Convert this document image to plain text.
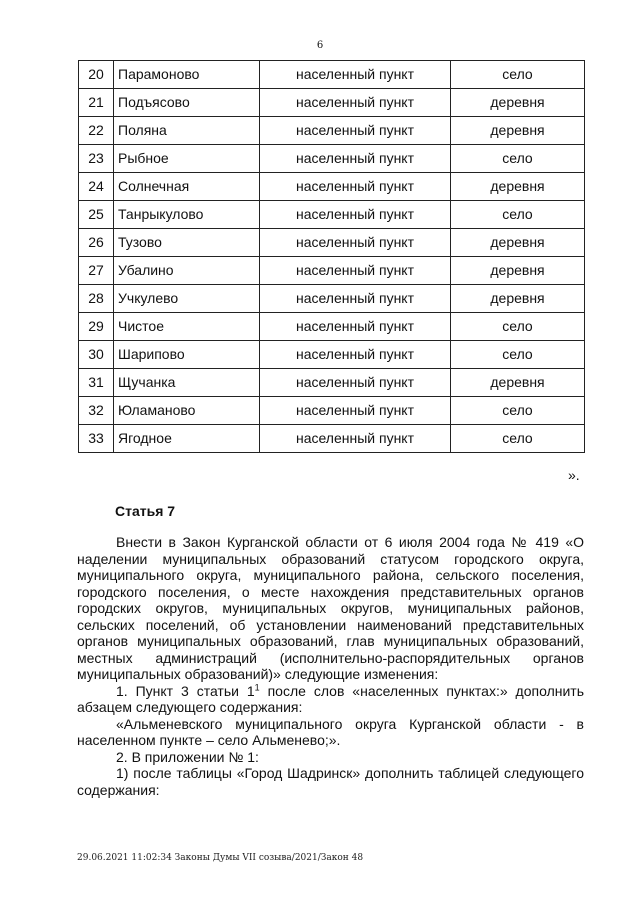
6
20	Парамоново	населенный пункт	село
21	Подъясово	населенный пункт	деревня
22	Поляна	населенный пункт	деревня
23	Рыбное	населенный пункт	село
24	Солнечная	населенный пункт	деревня
25	Танрыкулово	населенный пункт	село
26	Тузово	населенный пункт	деревня
27	Убалино	населенный пункт	деревня
28	Учкулево	населенный пункт	деревня
29	Чистое	населенный пункт	село
30	Шарипово	населенный пункт	село
31	Щучанка	населенный пункт	деревня
32	Юламаново	населенный пункт	село
33	Ягодное	населенный пункт	село
».
Статья 7

Внести в Закон Курганской области от 6 июля 2004 года № 419 «О наделении муниципальных образований статусом городского округа, муниципального округа, муниципального района, сельского поселения, городского поселения, о месте нахождения представительных органов городских округов, муниципальных округов, муниципальных районов, сельских поселений, об установлении наименований представительных органов муниципальных образований, глав муниципальных образований, местных администраций (исполнительно-распорядительных органов муниципальных образований)» следующие изменения:

1. Пункт 3 статьи $1^1$ после слов «населенных пунктах:» дополнить абзацем следующего содержания:

«Альменевского муниципального округа Курганской области - в населенном пункте – село Альменево;».

2. В приложении № 1:

1) после таблицы «Город Шадринск» дополнить таблицей следующего содержания:

29.06.2021 11:02:34 Законы Думы VII созыва/2021/Закон 48
